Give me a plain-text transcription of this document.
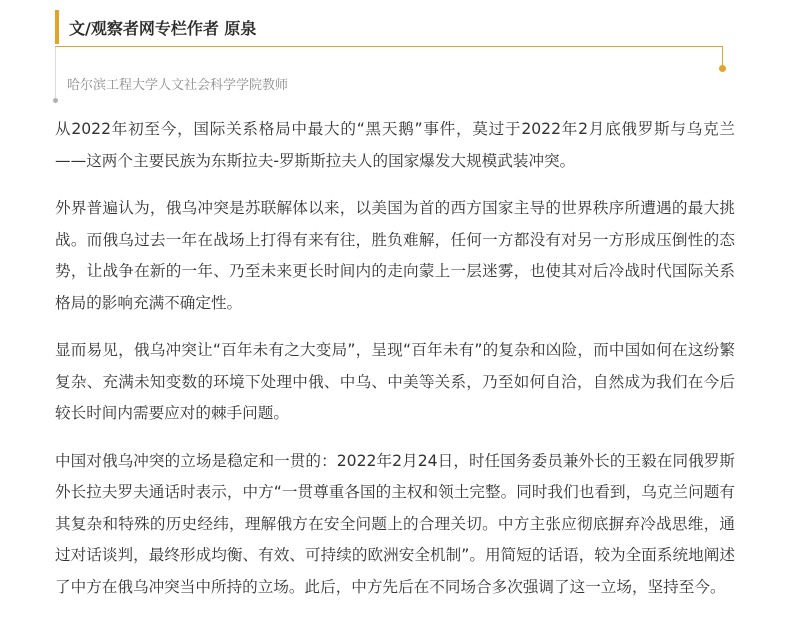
文/观察者网专栏作者 原泉
哈尔滨工程大学人文社会科学学院教师

从2022年初至今，国际关系格局中最大的“黑天鹅”事件，莫过于2022年2月底俄罗斯与乌克兰——这两个主要民族为东斯拉夫-罗斯斯拉夫人的国家爆发大规模武装冲突。

外界普遍认为，俄乌冲突是苏联解体以来，以美国为首的西方国家主导的世界秩序所遭遇的最大挑战。而俄乌过去一年在战场上打得有来有往，胜负难解，任何一方都没有对另一方形成压倒性的态势，让战争在新的一年、乃至未来更长时间内的走向蒙上一层迷雾，也使其对后冷战时代国际关系格局的影响充满不确定性。

显而易见，俄乌冲突让“百年未有之大变局”，呈现“百年未有”的复杂和凶险，而中国如何在这纷繁复杂、充满未知变数的环境下处理中俄、中乌、中美等关系，乃至如何自洽，自然成为我们在今后较长时间内需要应对的棘手问题。

中国对俄乌冲突的立场是稳定和一贯的：2022年2月24日，时任国务委员兼外长的王毅在同俄罗斯外长拉夫罗夫通话时表示，中方“一贯尊重各国的主权和领土完整。同时我们也看到，乌克兰问题有其复杂和特殊的历史经纬，理解俄方在安全问题上的合理关切。中方主张应彻底摒弃冷战思维，通过对话谈判，最终形成均衡、有效、可持续的欧洲安全机制”。用简短的话语，较为全面系统地阐述了中方在俄乌冲突当中所持的立场。此后，中方先后在不同场合多次强调了这一立场，坚持至今。
